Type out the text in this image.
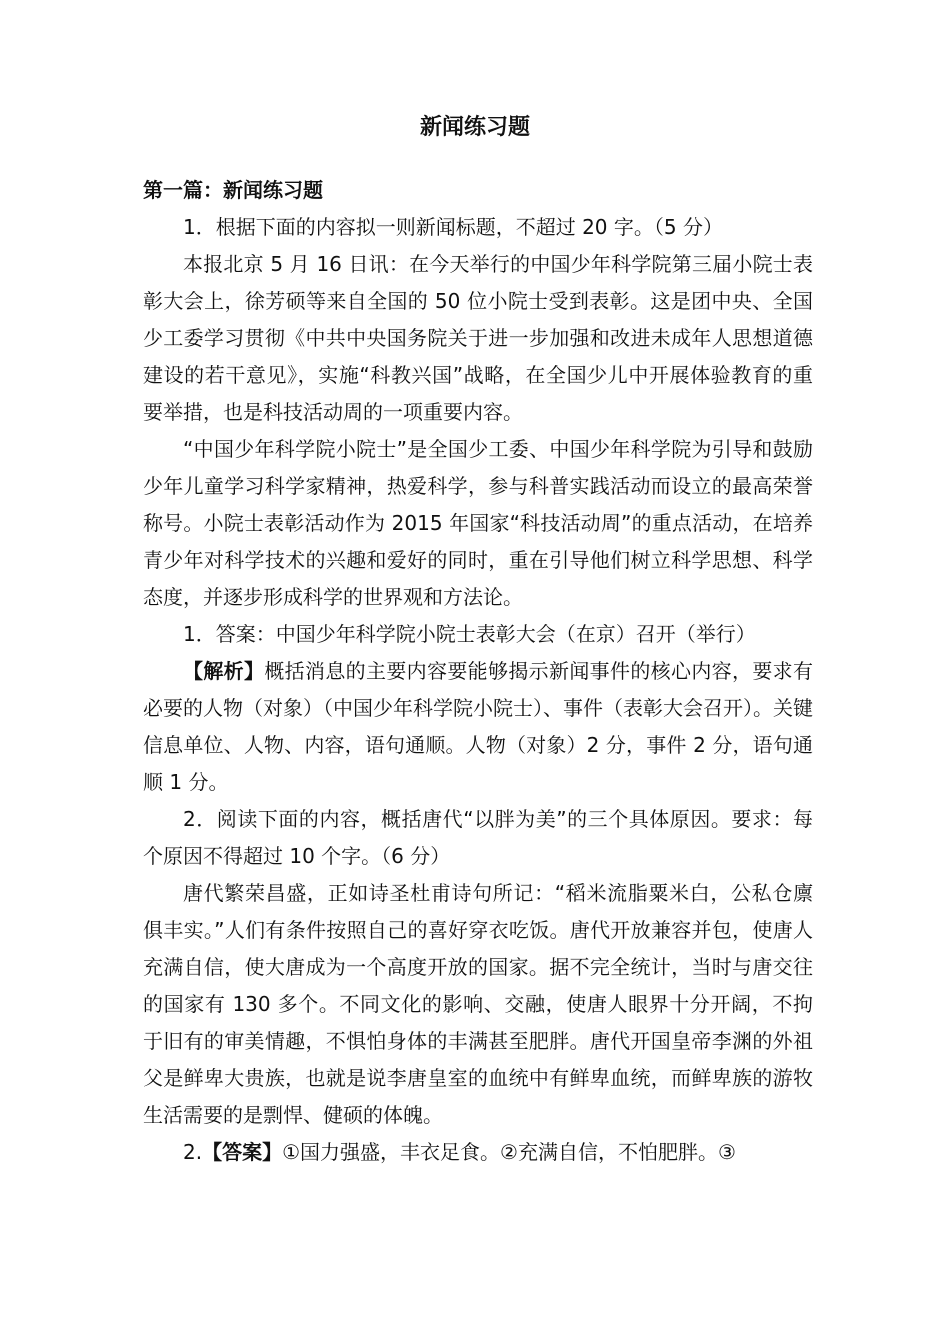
新闻练习题

第一篇：新闻练习题

1．根据下面的内容拟一则新闻标题，不超过 20 字。（5 分）

本报北京 5 月 16 日讯：在今天举行的中国少年科学院第三届小院士表彰大会上，徐芳硕等来自全国的 50 位小院士受到表彰。这是团中央、全国少工委学习贯彻《中共中央国务院关于进一步加强和改进未成年人思想道德建设的若干意见》，实施“科教兴国”战略，在全国少儿中开展体验教育的重要举措，也是科技活动周的一项重要内容。

“中国少年科学院小院士”是全国少工委、中国少年科学院为引导和鼓励少年儿童学习科学家精神，热爱科学，参与科普实践活动而设立的最高荣誉称号。小院士表彰活动作为 2015 年国家“科技活动周”的重点活动，在培养青少年对科学技术的兴趣和爱好的同时，重在引导他们树立科学思想、科学态度，并逐步形成科学的世界观和方法论。

1．答案：中国少年科学院小院士表彰大会（在京）召开（举行）

【解析】概括消息的主要内容要能够揭示新闻事件的核心内容，要求有必要的人物（对象）（中国少年科学院小院士）、事件（表彰大会召开）。关键信息单位、人物、内容，语句通顺。人物（对象）2 分，事件 2 分，语句通顺 1 分。

2．阅读下面的内容，概括唐代“以胖为美”的三个具体原因。要求：每个原因不得超过 10 个字。（6 分）

唐代繁荣昌盛，正如诗圣杜甫诗句所记：“稻米流脂粟米白，公私仓廪俱丰实。”人们有条件按照自己的喜好穿衣吃饭。唐代开放兼容并包，使唐人充满自信，使大唐成为一个高度开放的国家。据不完全统计，当时与唐交往的国家有 130 多个。不同文化的影响、交融，使唐人眼界十分开阔，不拘于旧有的审美情趣，不惧怕身体的丰满甚至肥胖。唐代开国皇帝李渊的外祖父是鲜卑大贵族，也就是说李唐皇室的血统中有鲜卑血统，而鲜卑族的游牧生活需要的是剽悍、健硕的体魄。

2.【答案】①国力强盛，丰衣足食。②充满自信，不怕肥胖。③
